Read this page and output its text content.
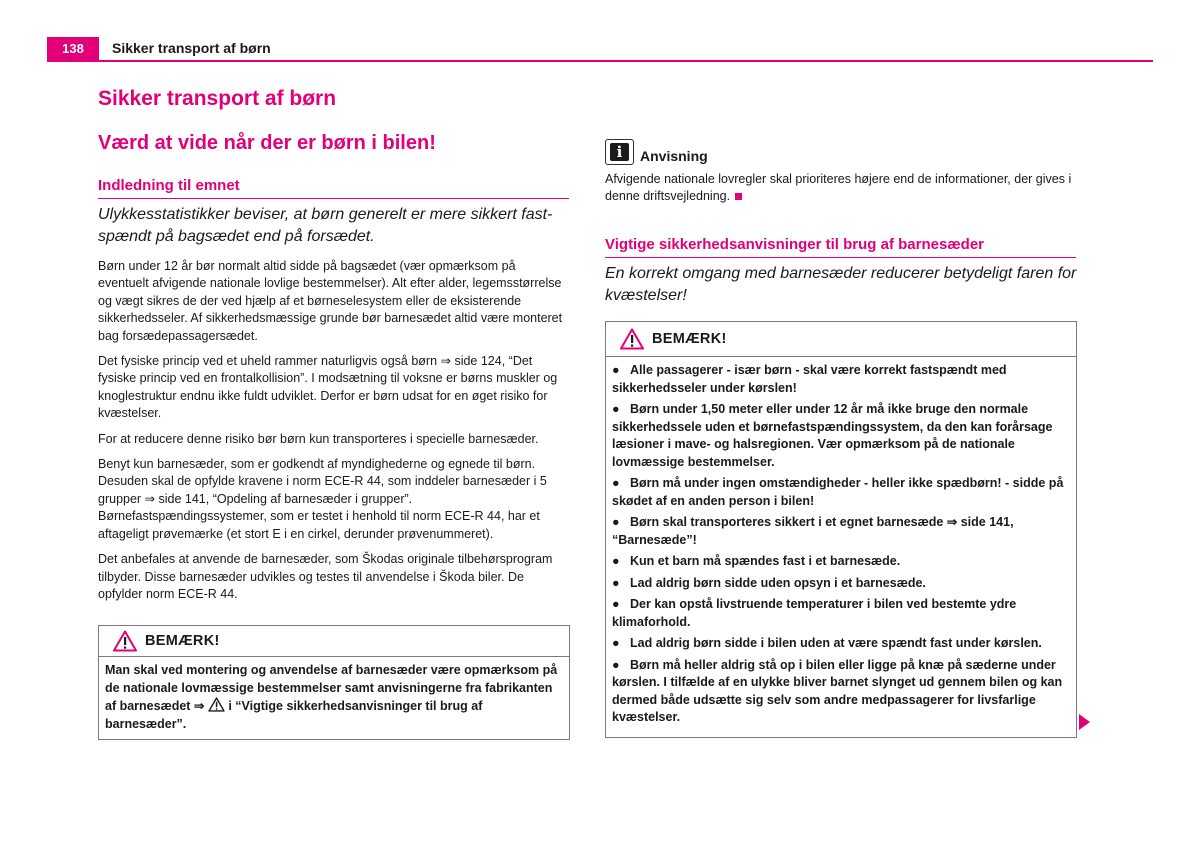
138	Sikker transport af børn
Sikker transport af børn
Værd at vide når der er børn i bilen!
Indledning til emnet
Ulykkesstatistikker beviser, at børn generelt er mere sikkert fast-spændt på bagsædet end på forsædet.

Børn under 12 år bør normalt altid sidde på bagsædet (vær opmærksom på eventuelt afvigende nationale lovlige bestemmelser). Alt efter alder, legemsstørrelse og vægt sikres de der ved hjælp af et børneselesystem eller de eksisterende sikkerhedsseler. Af sikkerhedsmæssige grunde bør barnesædet altid være monteret bag forsædepassagersædet.

Det fysiske princip ved et uheld rammer naturligvis også børn ⇒ side 124, “Det fysiske princip ved en frontalkollision”. I modsætning til voksne er børns muskler og knoglestruktur endnu ikke fuldt udviklet. Derfor er børn udsat for en øget risiko for kvæstelser.

For at reducere denne risiko bør børn kun transporteres i specielle barnesæder.

Benyt kun barnesæder, som er godkendt af myndighederne og egnede til børn. Desuden skal de opfylde kravene i norm ECE-R 44, som inddeler barnesæder i 5 grupper ⇒ side 141, “Opdeling af barnesæder i grupper”. Børnefastspændingssystemer, som er testet i henhold til norm ECE-R 44, har et aftageligt prøvemærke (et stort E i en cirkel, derunder prøvenummeret).

Det anbefales at anvende de barnesæder, som Škodas originale tilbehørsprogram tilbyder. Disse barnesæder udvikles og testes til anvendelse i Škoda biler. De opfylder norm ECE-R 44.

BEMÆRK!
Man skal ved montering og anvendelse af barnesæder være opmærksom på de nationale lovmæssige bestemmelser samt anvisningerne fra fabrikanten af barnesædet ⇒  i “Vigtige sikkerhedsanvisninger til brug af barnesæder”.
i	Anvisning
Afvigende nationale lovregler skal prioriteres højere end de informationer, der gives i denne driftsvejledning.
Vigtige sikkerhedsanvisninger til brug af barnesæder
En korrekt omgang med barnesæder reducerer betydeligt faren for kvæstelser!
BEMÆRK!
● Alle passagerer - især børn - skal være korrekt fastspændt med sikkerhedsseler under kørslen!
● Børn under 1,50 meter eller under 12 år må ikke bruge den normale sikkerhedssele uden et børnefastspændingssystem, da den kan forårsage læsioner i mave- og halsregionen. Vær opmærksom på de nationale lovmæssige bestemmelser.
● Børn må under ingen omstændigheder - heller ikke spædbørn! - sidde på skødet af en anden person i bilen!
● Børn skal transporteres sikkert i et egnet barnesæde ⇒ side 141, “Barnesæde”!
● Kun et barn må spændes fast i et barnesæde.
● Lad aldrig børn sidde uden opsyn i et barnesæde.
● Der kan opstå livstruende temperaturer i bilen ved bestemte ydre klimaforhold.
● Lad aldrig børn sidde i bilen uden at være spændt fast under kørslen.
● Børn må heller aldrig stå op i bilen eller ligge på knæ på sæderne under kørslen. I tilfælde af en ulykke bliver barnet slynget ud gennem bilen og kan dermed både udsætte sig selv som andre medpassagerer for livsfarlige kvæstelser.
